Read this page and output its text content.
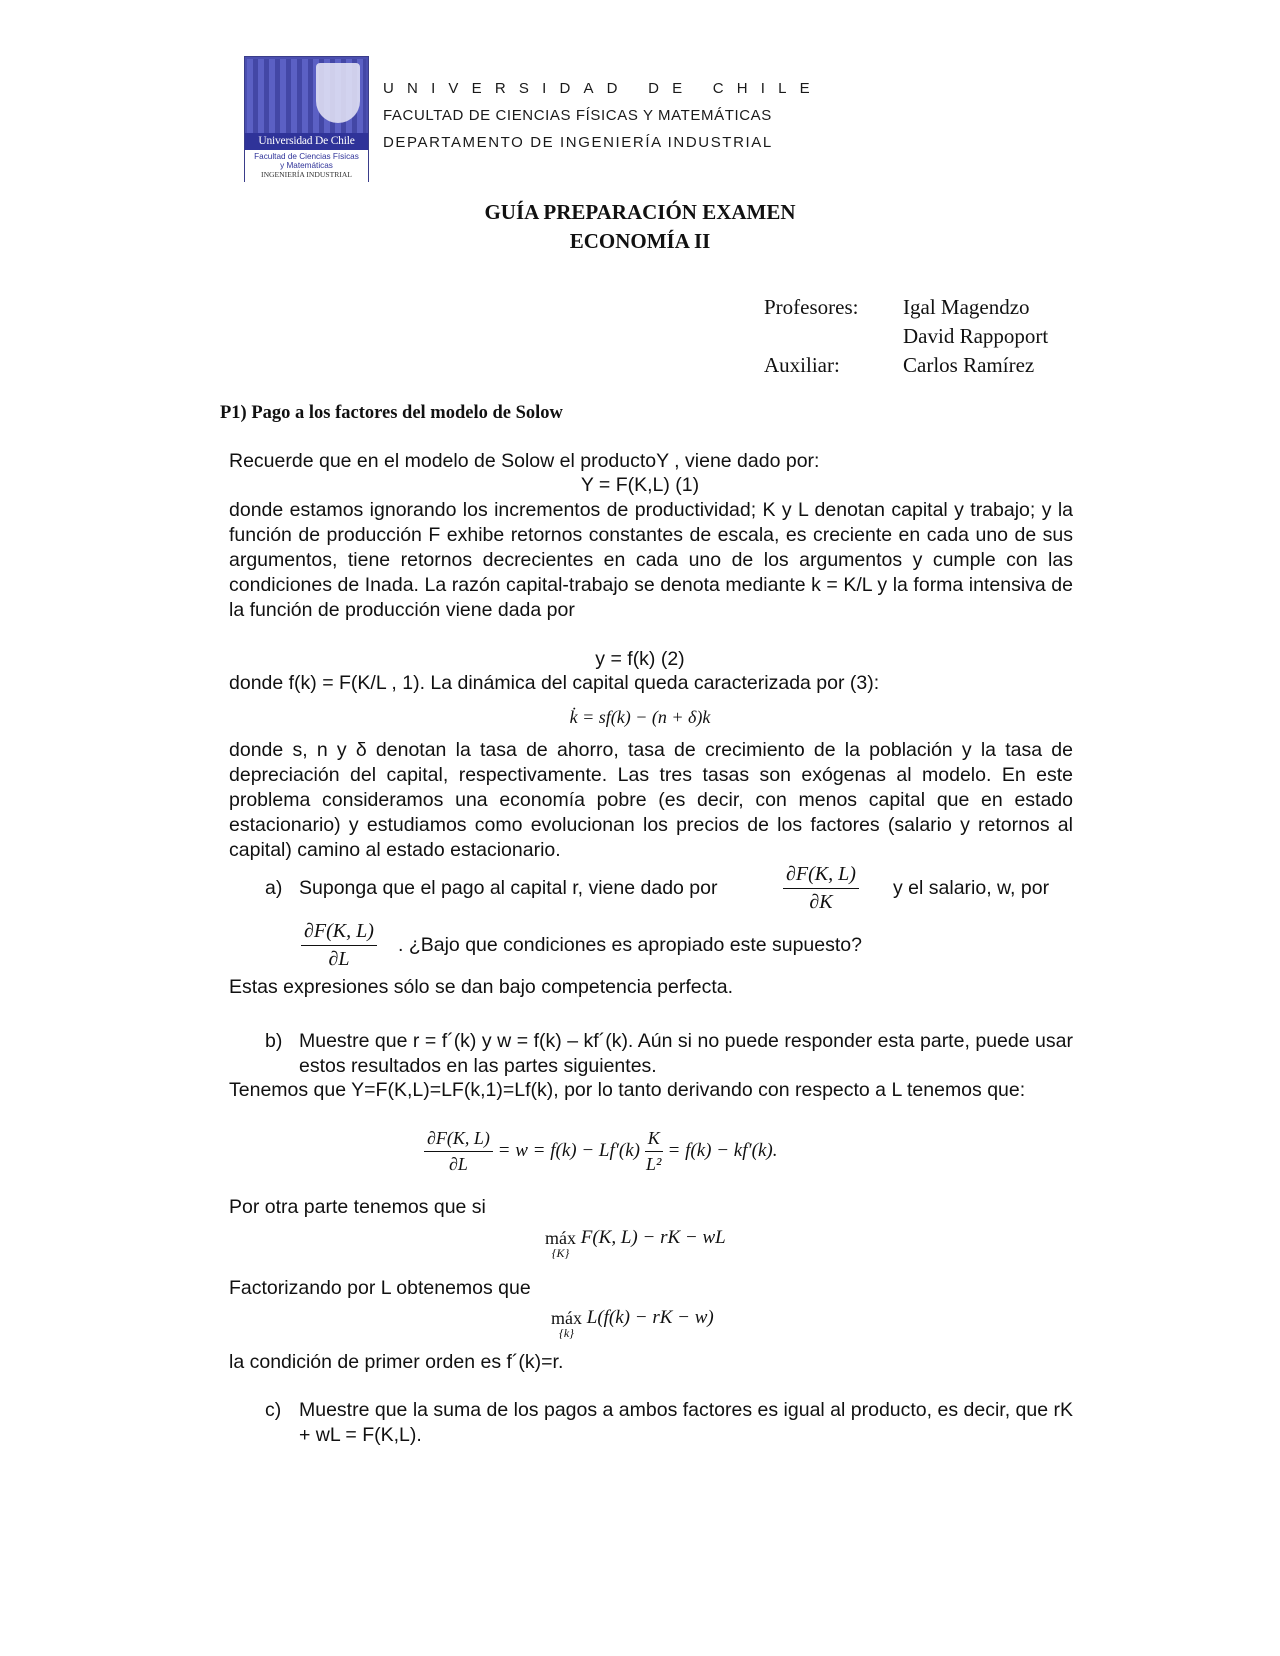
Universidad De Chile
Facultad de Ciencias Físicas
y Matemáticas
INGENIERÍA INDUSTRIAL
UNIVERSIDAD DE CHILE
FACULTAD DE CIENCIAS FÍSICAS Y MATEMÁTICAS
DEPARTAMENTO DE INGENIERÍA INDUSTRIAL
GUÍA PREPARACIÓN EXAMEN
ECONOMÍA II
Profesores: Igal Magendzo
David Rappoport
Auxiliar:	Carlos Ramírez
P1) Pago a los factores del modelo de Solow
Recuerde que en el modelo de Solow el productoY , viene dado por:
Y = F(K,L) (1)
donde estamos ignorando los incrementos de productividad; K y L denotan capital y trabajo; y la función de producción F exhibe retornos constantes de escala, es creciente en cada uno de sus argumentos, tiene retornos decrecientes en cada uno de los argumentos y cumple con las condiciones de Inada. La razón capital-trabajo se denota mediante k = K/L y la forma intensiva de la función de producción viene dada por
y = f(k) (2)
donde f(k) = F(K/L , 1). La dinámica del capital queda caracterizada por (3):
k̇ = sf(k) − (n + δ)k
donde s, n y δ denotan la tasa de ahorro, tasa de crecimiento de la población y la tasa de depreciación del capital, respectivamente. Las tres tasas son exógenas al modelo. En este problema consideramos una economía pobre (es decir, con menos capital que en estado estacionario) y estudiamos como evolucionan los precios de los factores (salario y retornos al capital) camino al estado estacionario.
a) Suponga que el pago al capital r, viene dado por	$\frac{\partial F(K, L)}{\partial K}$ y el salario, w, por
$\frac{\partial F(K, L)}{\partial L}$ . ¿Bajo que condiciones es apropiado este supuesto?
Estas expresiones sólo se dan bajo competencia perfecta.
b) Muestre que r = f´(k) y w = f(k) – kf´(k). Aún si no puede responder esta parte, puede usar estos resultados en las partes siguientes.
Tenemos que Y=F(K,L)=LF(k,1)=Lf(k), por lo tanto derivando con respecto a L tenemos que:
$\frac{\partial F(K, L)}{\partial L} = w = f(k) - Lf'(k) \frac{K}{\text{L²}} = f(k) - kf'(k)$.
Por otra parte tenemos que si
máx
{K}
F(K, L) − rK − wL
Factorizando por L obtenemos que
máx
{k}
L(f(k) − rK − w)
la condición de primer orden es f´(k)=r.
c) Muestre que la suma de los pagos a ambos factores es igual al producto, es decir, que rK + wL = F(K,L).
